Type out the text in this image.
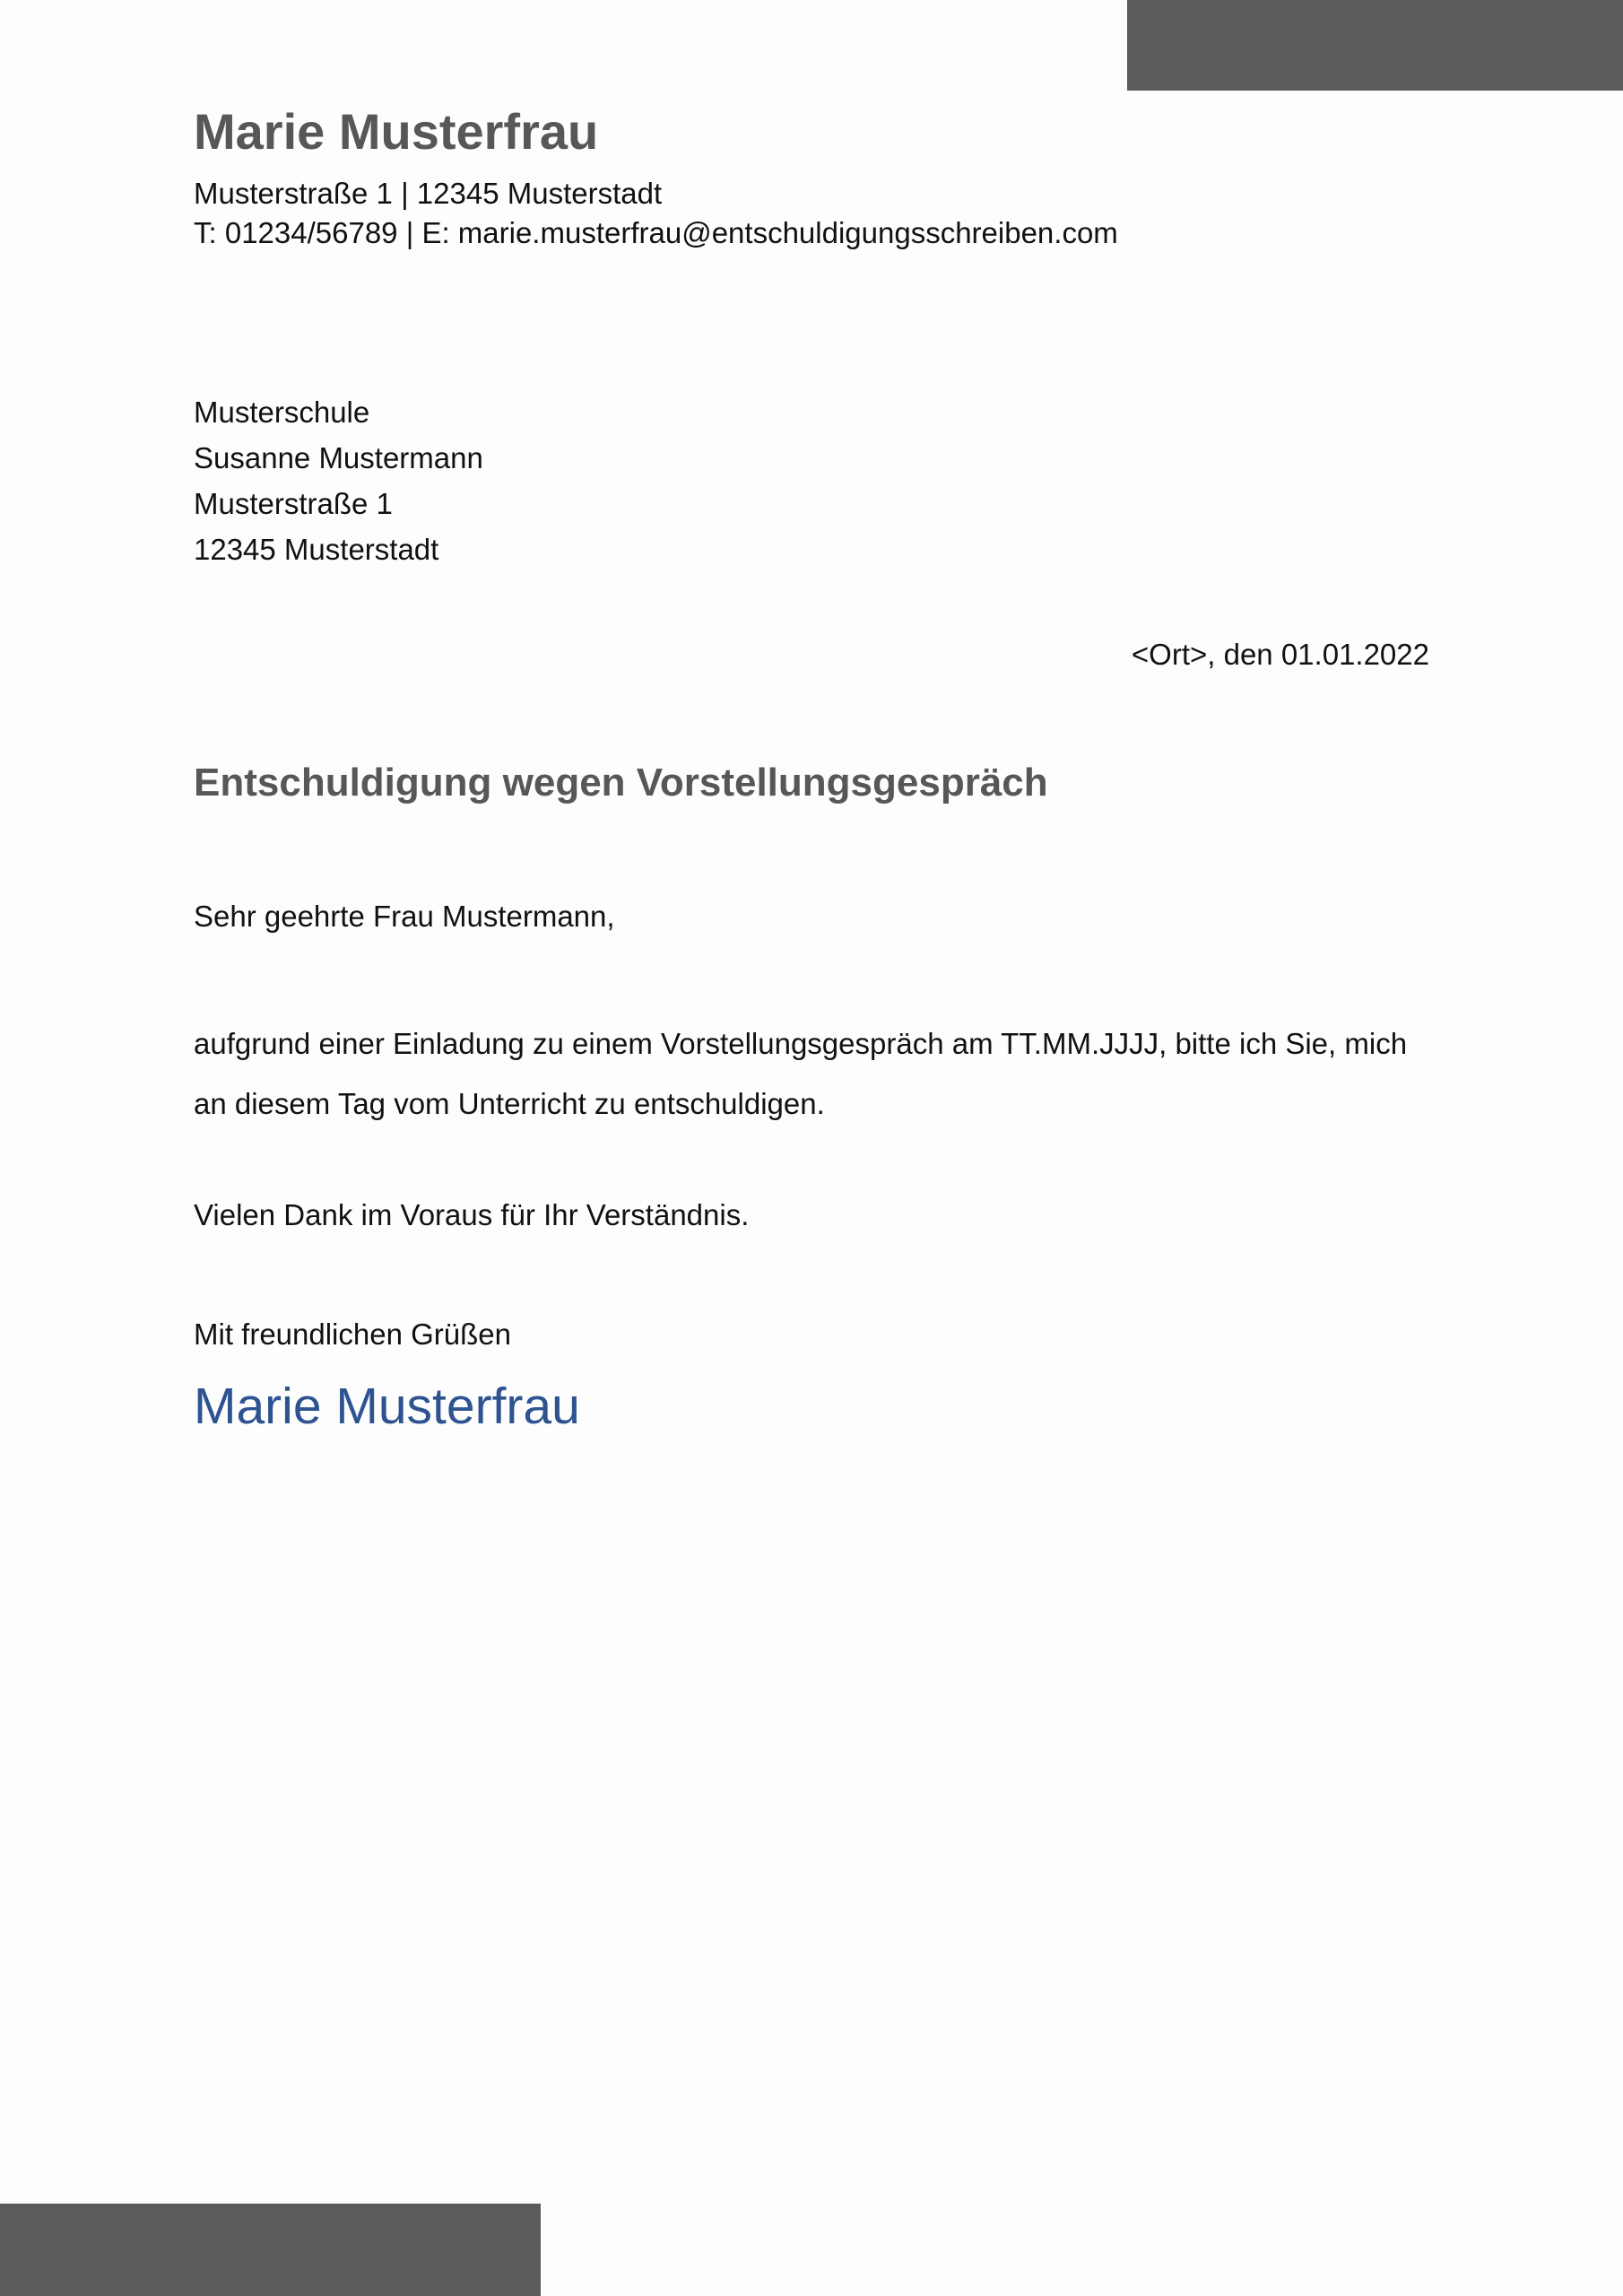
Marie Musterfrau
Musterstraße 1 | 12345 Musterstadt
T: 01234/56789 | E: marie.musterfrau@entschuldigungsschreiben.com
Musterschule
Susanne Mustermann
Musterstraße 1
12345 Musterstadt
<Ort>, den 01.01.2022
Entschuldigung wegen Vorstellungsgespräch
Sehr geehrte Frau Mustermann,
aufgrund einer Einladung zu einem Vorstellungsgespräch am TT.MM.JJJJ, bitte ich Sie, mich an diesem Tag vom Unterricht zu entschuldigen.
Vielen Dank im Voraus für Ihr Verständnis.
Mit freundlichen Grüßen
Marie Musterfrau
